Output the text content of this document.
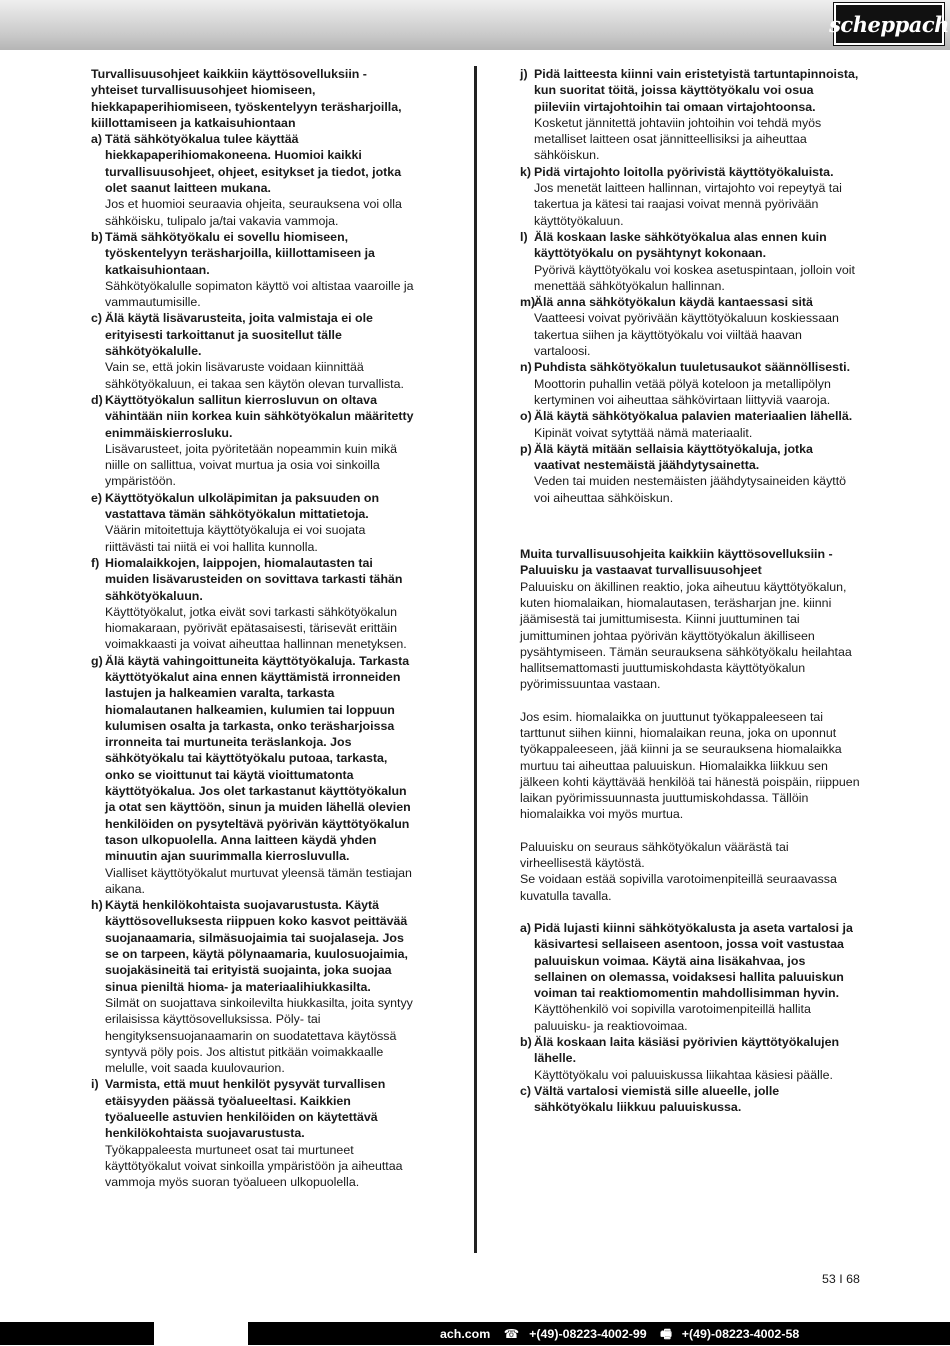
scheppach

Turvallisuusohjeet kaikkiin käyttösovelluksiin - yhteiset turvallisuusohjeet hiomiseen, hiekkapaperihiomiseen, työskentelyyn teräsharjoilla, kiillottamiseen ja katkaisuhiontaan

a) Tätä sähkötyökalua tulee käyttää hiekkapaperihiomakoneena. Huomioi kaikki turvallisuusohjeet, ohjeet, esitykset ja tiedot, jotka olet saanut laitteen mukana.

Jos et huomioi seuraavia ohjeita, seurauksena voi olla sähköisku, tulipalo ja/tai vakavia vammoja.

b) Tämä sähkötyökalu ei sovellu hiomiseen, työskentelyyn teräsharjoilla, kiillottamiseen ja katkaisuhiontaan.

Sähkötyökalulle sopimaton käyttö voi altistaa vaaroille ja vammautumisille.

c) Älä käytä lisävarusteita, joita valmistaja ei ole erityisesti tarkoittanut ja suositellut tälle sähkötyökalulle.

Vain se, että jokin lisävaruste voidaan kiinnittää sähkötyökaluun, ei takaa sen käytön olevan turvallista.

d) Käyttötyökalun sallitun kierrosluvun on oltava vähintään niin korkea kuin sähkötyökalun määritetty enimmäiskierrosluku.

Lisävarusteet, joita pyöritetään nopeammin kuin mikä niille on sallittua, voivat murtua ja osia voi sinkoilla ympäristöön.

e) Käyttötyökalun ulkoläpimitan ja paksuuden on vastattava tämän sähkötyökalun mittatietoja.

Väärin mitoitettuja käyttötyökaluja ei voi suojata riittävästi tai niitä ei voi hallita kunnolla.

f) Hiomalaikkojen, laippojen, hiomalautasten tai muiden lisävarusteiden on sovittava tarkasti tähän sähkötyökaluun.

Käyttötyökalut, jotka eivät sovi tarkasti sähkötyökalun hiomakaraan, pyörivät epätasaisesti, tärisevät erittäin voimakkaasti ja voivat aiheuttaa hallinnan menetyksen.

g) Älä käytä vahingoittuneita käyttötyökaluja. Tarkasta käyttötyökalut aina ennen käyttämistä irronneiden lastujen ja halkeamien varalta, tarkasta hiomalautanen halkeamien, kulumien tai loppuun kulumisen osalta ja tarkasta, onko teräsharjoissa irronneita tai murtuneita teräslankoja. Jos sähkötyökalu tai käyttötyökalu putoaa, tarkasta, onko se vioittunut tai käytä vioittumatonta käyttötyökalua. Jos olet tarkastanut käyttötyökalun ja otat sen käyttöön, sinun ja muiden lähellä olevien henkilöiden on pysyteltävä pyörivän käyttötyökalun tason ulkopuolella. Anna laitteen käydä yhden minuutin ajan suurimmalla kierrosluvulla.

Vialliset käyttötyökalut murtuvat yleensä tämän testiajan aikana.

h) Käytä henkilökohtaista suojavarustusta. Käytä käyttösovelluksesta riippuen koko kasvot peittävää suojanaamaria, silmäsuojaimia tai suojalaseja. Jos se on tarpeen, käytä pölynaamaria, kuulosuojaimia, suojakäsineitä tai erityistä suojainta, joka suojaa sinua pieniltä hioma- ja materiaalihiukkasilta.

Silmät on suojattava sinkoilevilta hiukkasilta, joita syntyy erilaisissa käyttösovelluksissa. Pöly- tai hengityksensuojanaamarin on suodatettava käytössä syntyvä pöly pois. Jos altistut pitkään voimakkaalle melulle, voit saada kuulovaurion.

i) Varmista, että muut henkilöt pysyvät turvallisen etäisyyden päässä työalueeltasi. Kaikkien työalueelle astuvien henkilöiden on käytettävä henkilökohtaista suojavarustusta.

Työkappaleesta murtuneet osat tai murtuneet käyttötyökalut voivat sinkoilla ympäristöön ja aiheuttaa vammoja myös suoran työalueen ulkopuolella.

j) Pidä laitteesta kiinni vain eristetyistä tartuntapinnoista, kun suoritat töitä, joissa käyttötyökalu voi osua piileviin virtajohtoihin tai omaan virtajohtoonsa.

Kosketut jännitettä johtaviin johtoihin voi tehdä myös metalliset laitteen osat jännitteellisiksi ja aiheuttaa sähköiskun.

k) Pidä virtajohto loitolla pyörivistä käyttötyökaluista.

Jos menetät laitteen hallinnan, virtajohto voi repeytyä tai takertua ja kätesi tai raajasi voivat mennä pyörivään käyttötyökaluun.

l) Älä koskaan laske sähkötyökalua alas ennen kuin käyttötyökalu on pysähtynyt kokonaan.

Pyörivä käyttötyökalu voi koskea asetuspintaan, jolloin voit menettää sähkötyökalun hallinnan.

m)

Älä anna sähkötyökalun käydä kantaessasi sitä

Vaatteesi voivat pyörivään käyttötyökaluun koskiessaan takertua siihen ja käyttötyökalu voi viiltää haavan vartaloosi.

n) Puhdista sähkötyökalun tuuletusaukot säännöllisesti.

Moottorin puhallin vetää pölyä koteloon ja metallipölyn kertyminen voi aiheuttaa sähkövirtaan liittyviä vaaroja.

o) Älä käytä sähkötyökalua palavien materiaalien lähellä.

Kipinät voivat sytyttää nämä materiaalit.

p) Älä käytä mitään sellaisia käyttötyökaluja, jotka vaativat nestemäistä jäähdytysainetta.

Veden tai muiden nestemäisten jäähdytysaineiden käyttö voi aiheuttaa sähköiskun.

Muita turvallisuusohjeita kaikkiin käyttösovelluksiin - Paluuisku ja vastaavat turvallisuusohjeet

Paluuisku on äkillinen reaktio, joka aiheutuu käyttötyökalun, kuten hiomalaikan, hiomalautasen, teräsharjan jne. kiinni jäämisestä tai jumittumisesta. Kiinni juuttuminen tai jumittuminen johtaa pyörivän käyttötyökalun äkilliseen pysähtymiseen. Tämän seurauksena sähkötyökalu heilahtaa hallitsemattomasti juuttumiskohdasta käyttötyökalun pyörimissuuntaa vastaan.

Jos esim. hiomalaikka on juuttunut työkappaleeseen tai tarttunut siihen kiinni, hiomalaikan reuna, joka on uponnut työkappaleeseen, jää kiinni ja se seurauksena hiomalaikka murtuu tai aiheuttaa paluuiskun. Hiomalaikka liikkuu sen jälkeen kohti käyttävää henkilöä tai hänestä poispäin, riippuen laikan pyörimissuunnasta juuttumiskohdassa. Tällöin hiomalaikka voi myös murtua.

Paluuisku on seuraus sähkötyökalun väärästä tai virheellisestä käytöstä.

Se voidaan estää sopivilla varotoimenpiteillä seuraavassa kuvatulla tavalla.

a) Pidä lujasti kiinni sähkötyökalusta ja aseta vartalosi ja käsivartesi sellaiseen asentoon, jossa voit vastustaa paluuiskun voimaa. Käytä aina lisäkahvaa, jos sellainen on olemassa, voidaksesi hallita paluuiskun voiman tai reaktiomomentin mahdollisimman hyvin.

Käyttöhenkilö voi sopivilla varotoimenpiteillä hallita paluuisku- ja reaktiovoimaa.

b) Älä koskaan laita käsiäsi pyörivien käyttötyökalujen lähelle.

Käyttötyökalu voi paluuiskussa liikahtaa käsiesi päälle.

c) Vältä vartalosi viemistä sille alueelle, jolle sähkötyökalu liikkuu paluuiskussa.

53 I 68
ach.com ☎ +(49)-08223-4002-99 🖷 +(49)-08223-4002-58
